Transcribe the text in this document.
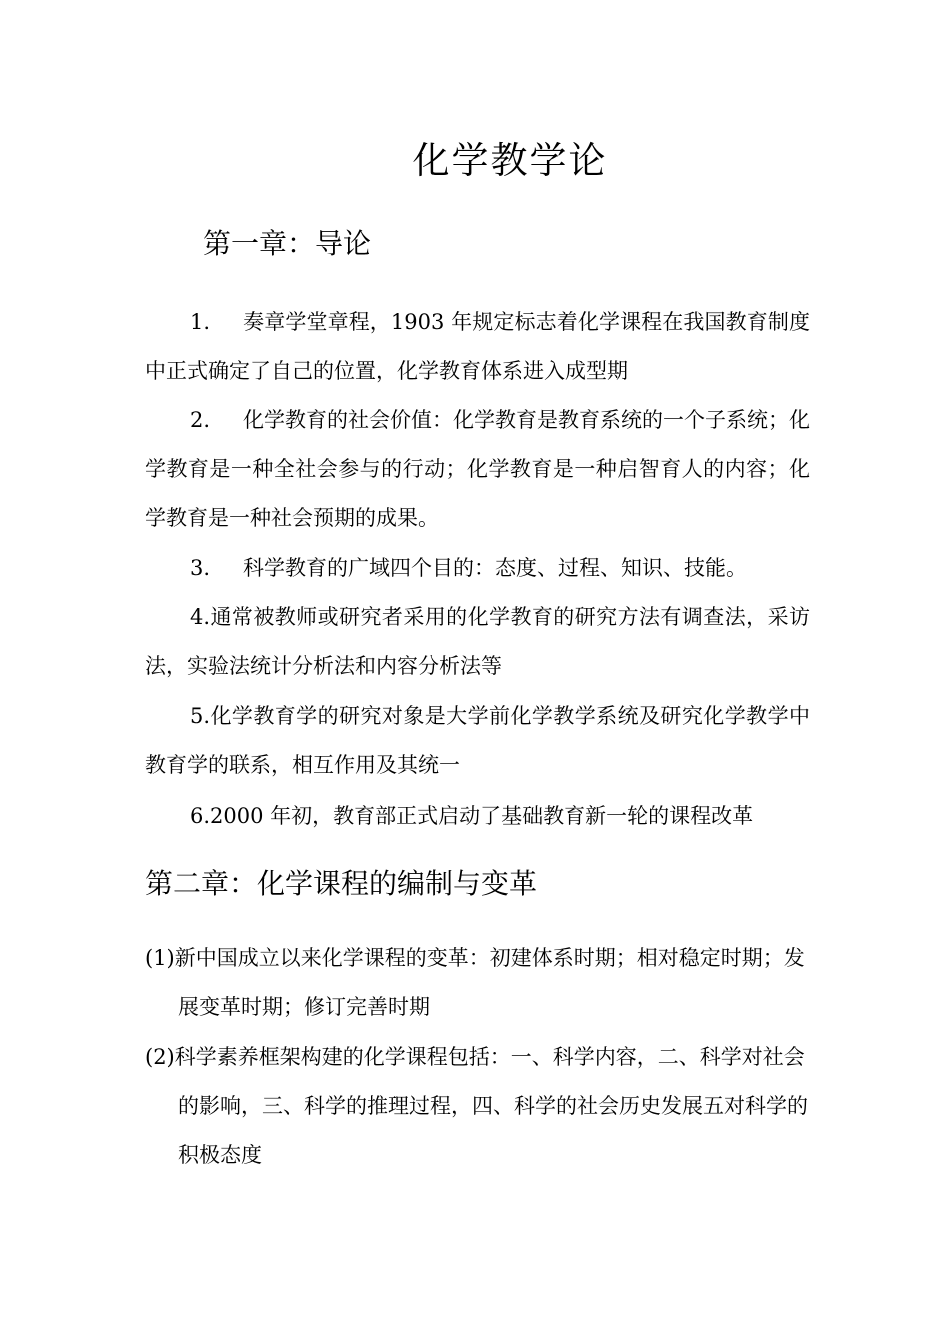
化学教学论
第一章：导论
1. 奏章学堂章程，1903 年规定标志着化学课程在我国教育制度中正式确定了自己的位置，化学教育体系进入成型期
2. 化学教育的社会价值：化学教育是教育系统的一个子系统；化学教育是一种全社会参与的行动；化学教育是一种启智育人的内容；化学教育是一种社会预期的成果。
3. 科学教育的广域四个目的：态度、过程、知识、技能。
4.通常被教师或研究者采用的化学教育的研究方法有调查法，采访法，实验法统计分析法和内容分析法等
5.化学教育学的研究对象是大学前化学教学系统及研究化学教学中教育学的联系，相互作用及其统一
6.2000 年初，教育部正式启动了基础教育新一轮的课程改革
第二章：化学课程的编制与变革
(1)新中国成立以来化学课程的变革：初建体系时期；相对稳定时期；发展变革时期；修订完善时期
(2)科学素养框架构建的化学课程包括：一、科学内容，二、科学对社会的影响，三、科学的推理过程，四、科学的社会历史发展五对科学的积极态度
